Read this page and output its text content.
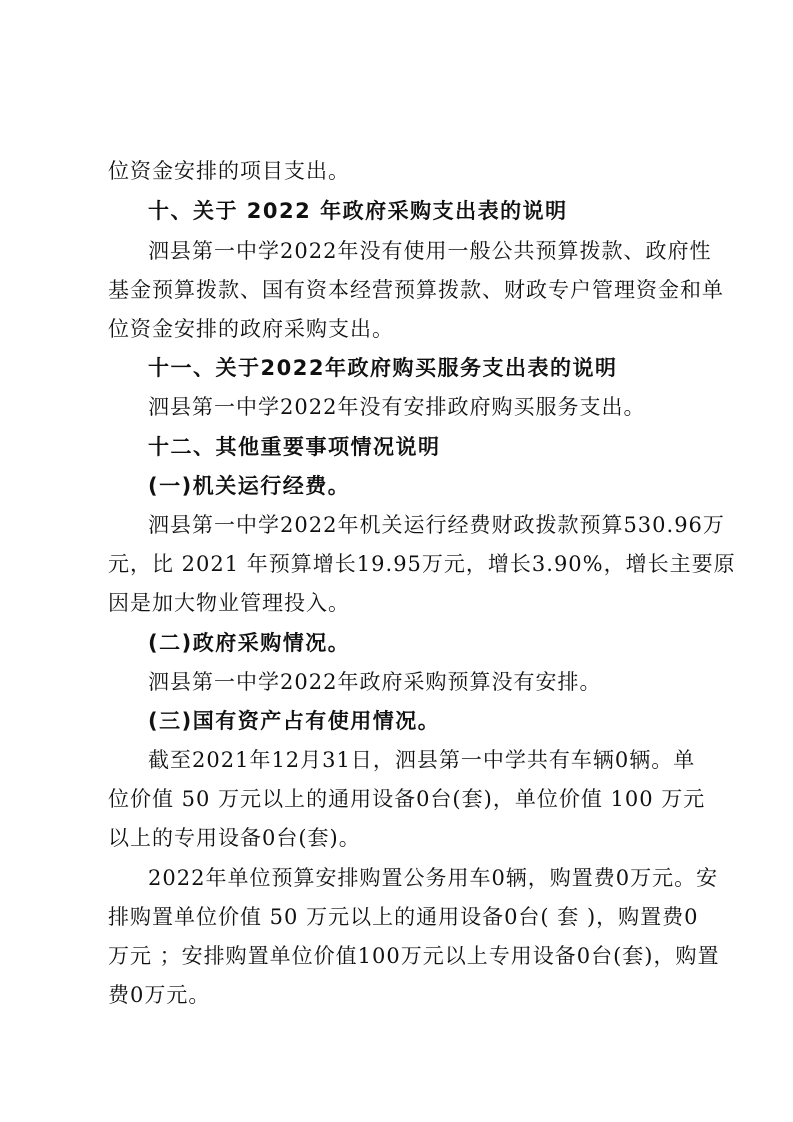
位资金安排的项目支出。
十、关于 2022 年政府采购支出表的说明
泗县第一中学2022年没有使用一般公共预算拨款、政府性
基金预算拨款、国有资本经营预算拨款、财政专户管理资金和单
位资金安排的政府采购支出。
十一、关于2022年政府购买服务支出表的说明
泗县第一中学2022年没有安排政府购买服务支出。
十二、其他重要事项情况说明
(一)机关运行经费。
泗县第一中学2022年机关运行经费财政拨款预算530.96万
元，比 2021 年预算增长19.95万元，增长3.90%，增长主要原
因是加大物业管理投入。
(二)政府采购情况。
泗县第一中学2022年政府采购预算没有安排。
(三)国有资产占有使用情况。
截至2021年12月31日，泗县第一中学共有车辆0辆。单
位价值 50 万元以上的通用设备0台(套)，单位价值 100 万元
以上的专用设备0台(套)。
2022年单位预算安排购置公务用车0辆，购置费0万元。安
排购置单位价值 50 万元以上的通用设备0台( 套 )，购置费0
万元 ；安排购置单位价值100万元以上专用设备0台(套)，购置
费0万元。
